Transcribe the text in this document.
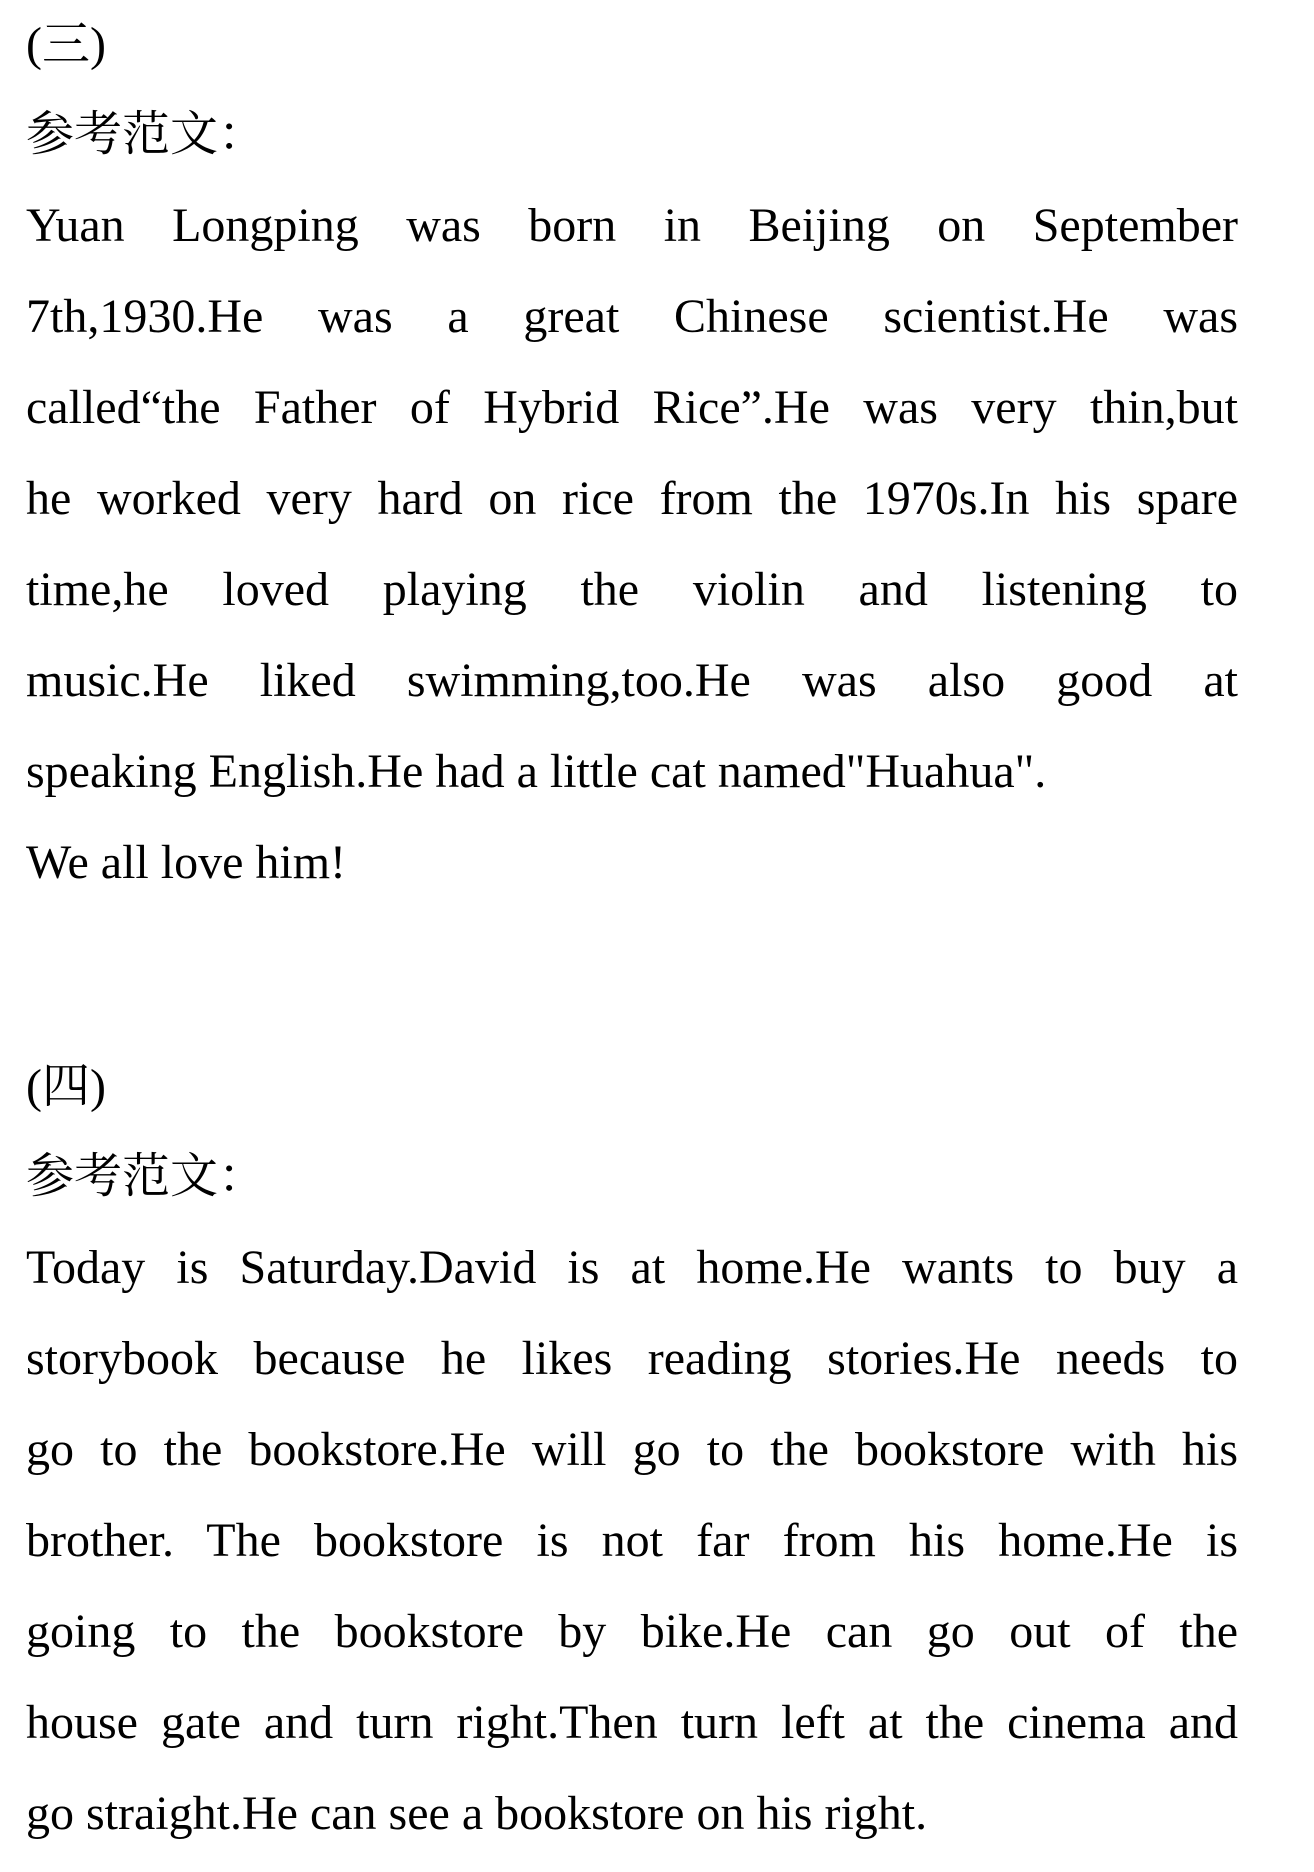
(三)

参考范文：

Yuan Longping was born in Beijing on September
7th,1930.He was a great Chinese scientist.He was
called“the Father of Hybrid Rice”.He was very thin,but
he worked very hard on rice from the 1970s.In his spare
time,he loved playing the violin and listening to
music.He liked swimming,too.He was also good at
speaking English.He had a little cat named"Huahua".
We all love him!

(四)

参考范文：

Today is Saturday.David is at home.He wants to buy a
storybook because he likes reading stories.He needs to
go to the bookstore.He will go to the bookstore with his
brother. The bookstore is not far from his home.He is
going to the bookstore by bike.He can go out of the
house gate and turn right.Then turn left at the cinema and
go straight.He can see a bookstore on his right.
